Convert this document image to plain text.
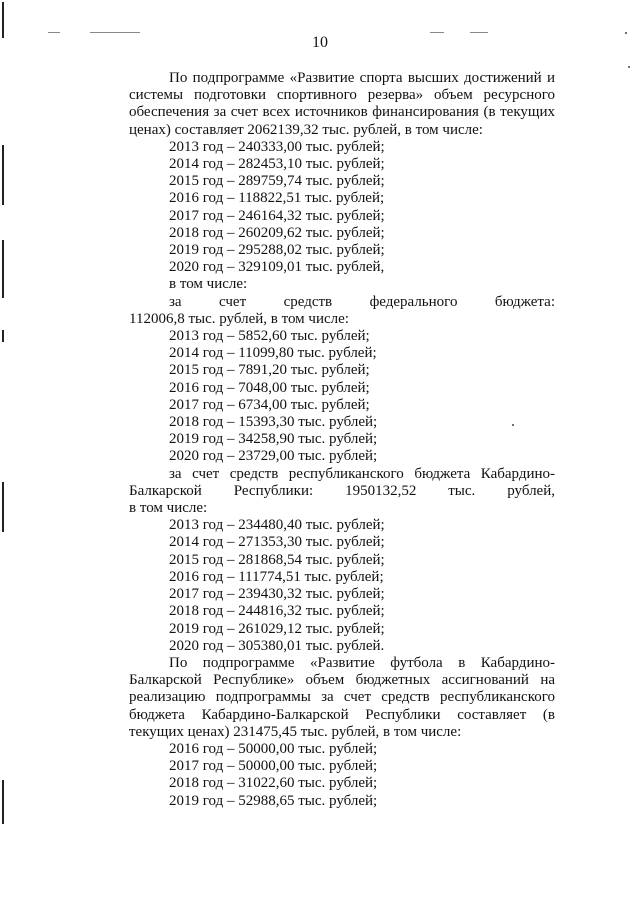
10

По подпрограмме «Развитие спорта высших достижений и системы подготовки спортивного резерва» объем ресурсного обеспечения за счет всех источников финансирования (в текущих ценах) составляет 2062139,32 тыс. рублей, в том числе:

2013 год – 240333,00 тыс. рублей;

2014 год – 282453,10 тыс. рублей;

2015 год – 289759,74 тыс. рублей;

2016 год – 118822,51 тыс. рублей;

2017 год – 246164,32 тыс. рублей;

2018 год – 260209,62 тыс. рублей;

2019 год – 295288,02 тыс. рублей;

2020 год – 329109,01 тыс. рублей,

в том числе:

за счет средств федерального бюджета:

112006,8 тыс. рублей, в том числе:

2013 год – 5852,60 тыс. рублей;

2014 год – 11099,80 тыс. рублей;

2015 год – 7891,20 тыс. рублей;

2016 год – 7048,00 тыс. рублей;

2017 год – 6734,00 тыс. рублей;

2018 год – 15393,30 тыс. рублей;

2019 год – 34258,90 тыс. рублей;

2020 год – 23729,00 тыс. рублей;

за счет средств республиканского бюджета Кабардино-Балкарской Республики: 1950132,52 тыс. рублей,

в том числе:

2013 год – 234480,40 тыс. рублей;

2014 год – 271353,30 тыс. рублей;

2015 год – 281868,54 тыс. рублей;

2016 год – 111774,51 тыс. рублей;

2017 год – 239430,32 тыс. рублей;

2018 год – 244816,32 тыс. рублей;

2019 год – 261029,12 тыс. рублей;

2020 год – 305380,01 тыс. рублей.

По подпрограмме «Развитие футбола в Кабардино-Балкарской Республике» объем бюджетных ассигнований на реализацию подпрограммы за счет средств республиканского бюджета Кабардино-Балкарской Республики составляет (в текущих ценах) 231475,45 тыс. рублей, в том числе:

2016 год – 50000,00 тыс. рублей;

2017 год – 50000,00 тыс. рублей;

2018 год – 31022,60 тыс. рублей;

2019 год – 52988,65 тыс. рублей;
